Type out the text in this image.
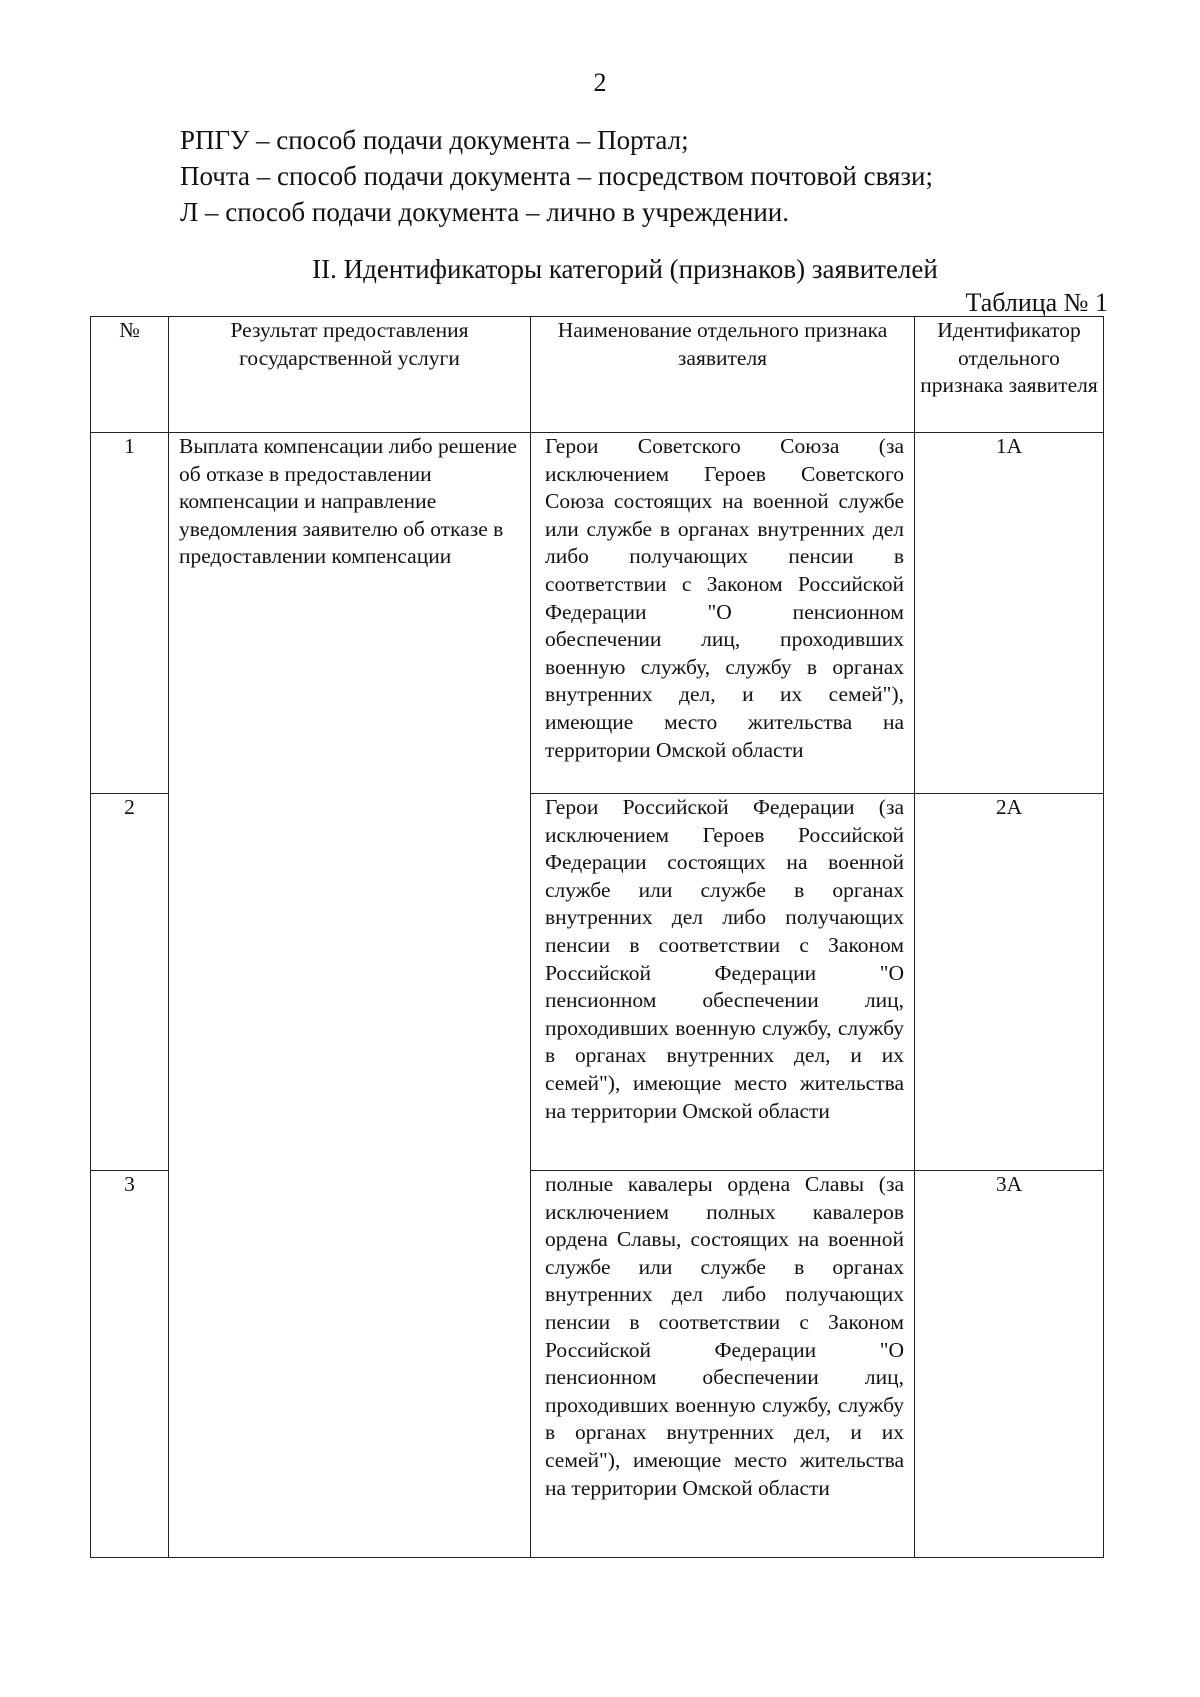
2
РПГУ – способ подачи документа – Портал;
Почта – способ подачи документа – посредством почтовой связи;
Л – способ подачи документа – лично в учреждении.
II. Идентификаторы категорий (признаков) заявителей
Таблица № 1
№	Результат предоставления государственной услуги	Наименование отдельного признака заявителя	Идентификатор отдельного признака заявителя
1	Выплата компенсации либо решение об отказе в предоставлении компенсации и направление уведомления заявителю об отказе в предоставлении компенсации	Герои Советского Союза (за исключением Героев Советского Союза состоящих на военной службе или службе в органах внутренних дел либо получающих пенсии в соответствии с Законом Российской Федерации "О пенсионном обеспечении лиц, проходивших военную службу, службу в органах внутренних дел, и их семей"), имеющие место жительства на территории Омской области	1А
2		Герои Российской Федерации (за исключением Героев Российской Федерации состоящих на военной службе или службе в органах внутренних дел либо получающих пенсии в соответствии с Законом Российской Федерации "О пенсионном обеспечении лиц, проходивших военную службу, службу в органах внутренних дел, и их семей"), имеющие место жительства на территории Омской области	2А
3		полные кавалеры ордена Славы (за исключением полных кавалеров ордена Славы, состоящих на военной службе или службе в органах внутренних дел либо получающих пенсии в соответствии с Законом Российской Федерации "О пенсионном обеспечении лиц, проходивших военную службу, службу в органах внутренних дел, и их семей"), имеющие место жительства на территории Омской области	3А
